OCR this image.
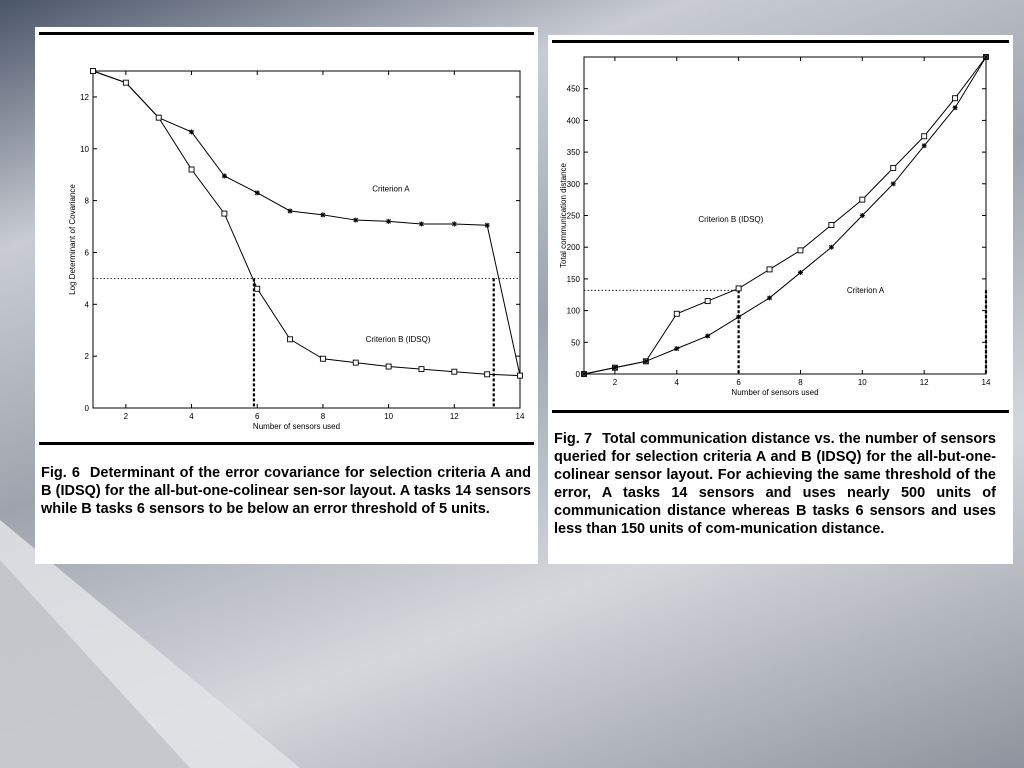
2	4	6	8	10	12	14
0
2
4
6
8
10
12
Number of sensors used
Log Determinant of Covariance	Criterion A
Criterion B (IDSQ)
Fig. 6 Determinant of the error covariance for selection criteria A and B (IDSQ) for the all-but-one-colinear sen-sor layout. A tasks 14 sensors while B tasks 6 sensors to be below an error threshold of 5 units.
2	4	6	8	10	12	14
0
50
100
150
200
250
300
350
400
450
Number of sensors used
Total communication distance	Criterion B (IDSQ)
Criterion A
Fig. 7 Total communication distance vs. the number of sensors queried for selection criteria A and B (IDSQ) for the all-but-one-colinear sensor layout. For achieving the same threshold of the error, A tasks 14 sensors and uses nearly 500 units of communication distance whereas B tasks 6 sensors and uses less than 150 units of com-munication distance.
